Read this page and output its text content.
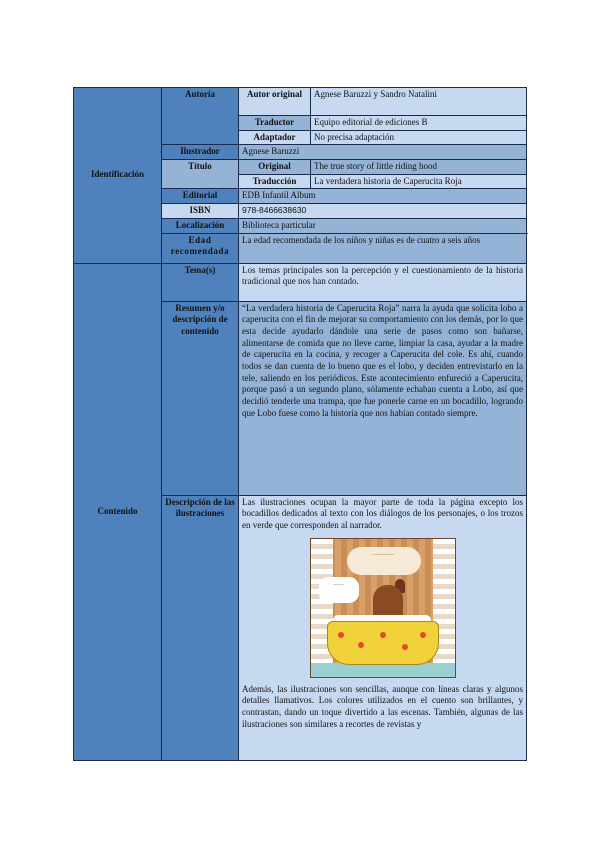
Identificación	Autoría	Autor original	Agnese Baruzzi y Sandro Natalini
		Traductor	Equipo editorial de ediciones B
		Adaptador	No precisa adaptación
	Ilustrador	Agnese Baruzzi	
	Título	Original	The true story of little riding hood
		Traducción	La verdadera historia de Caperucita Roja
	Editorial	EDB Infantil Album	
	ISBN	978-8466638630	
	Localización	Biblioteca particular	
	Edad recomendada	La edad recomendada de los niños y niñas es de cuatro a seis años	
Contenido	Tema(s)	Los temas principales son la percepción y el cuestionamiento de la historia tradicional que nos han contado.	
	Resumen y/o descripción de contenido	“La verdadera historia de Caperucita Roja” narra la ayuda que solicita lobo a caperucita con el fin de mejorar su comportamiento con los demás, por lo que esta decide ayudarlo dándole una serie de pasos como son bañarse, alimentarse de comida que no lleve carne, limpiar la casa, ayudar a la madre de caperucita en la cocina, y recoger a Caperucita del cole. Es ahí, cuando todos se dan cuenta de lo bueno que es el lobo, y deciden entrevistarlo en la tele, saliendo en los periódicos. Este acontecimiento enfureció a Caperucita, porque pasó a un segundo plano, sólamente echaban cuenta a Lobo, así que decidió tenderle una trampa, que fue ponerle carne en un bocadillo, logrando que Lobo fuese como la historia que nos habían contado siempre.	
	Descripción de las ilustraciones	Las ilustraciones ocupan la mayor parte de toda la página excepto los bocadillos dedicados al texto con los diálogos de los personajes, o los trozos en verde que corresponden al narrador.
~~~~~~~~~~
~~~~~
Además, las ilustraciones son sencillas, aunque con líneas claras y algunos detalles llamativos. Los colores utilizados en el cuento son brillantes, y contrastan, dando un toque divertido a las escenas. También, algunas de las ilustraciones son similares a recortes de revistas y	
